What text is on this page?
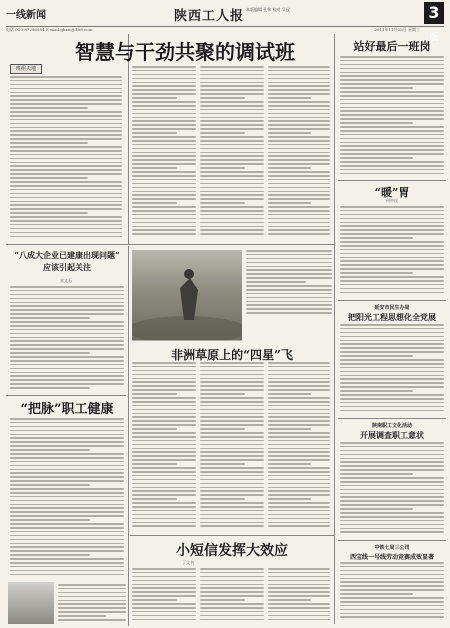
一线新闻	陕西工人报 本版编辑 孔伟 校对 吴仪	3版
电话 029-87296954 E-mail:ghxw@188.com	2011年11月23日 星期三
智慧与干劲共聚的调试班
班组天地
站好最后一班岗
“暖”胃
何中民
延安市民生办局
把阳光工程思想化全党展
陕南职工文化活动
开展调查职工意状
中铁七局三公司
西宝线一号线劳动竞赛成效显著
“八成大企业已建康出现问题”
应该引起关注
宋文石
“把脉”职工健康
非洲草原上的“四星”飞
小短信发挥大效应
丁文书
